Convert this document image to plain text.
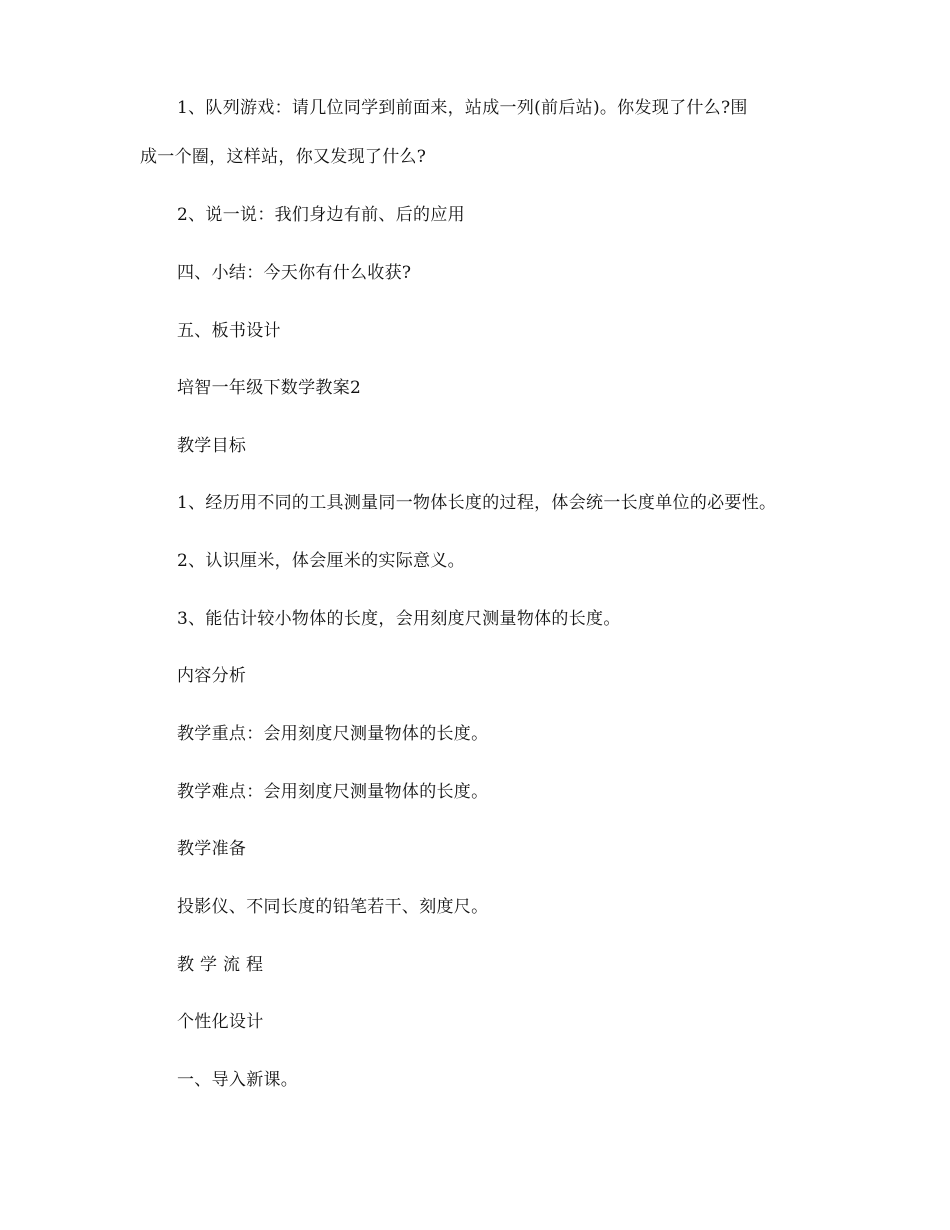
1、队列游戏：请几位同学到前面来，站成一列(前后站)。你发现了什么?围
成一个圈，这样站，你又发现了什么?
2、说一说：我们身边有前、后的应用
四、小结：今天你有什么收获?
五、板书设计
培智一年级下数学教案2
教学目标
1、经历用不同的工具测量同一物体长度的过程，体会统一长度单位的必要性。
2、认识厘米，体会厘米的实际意义。
3、能估计较小物体的长度，会用刻度尺测量物体的长度。
内容分析
教学重点：会用刻度尺测量物体的长度。
教学难点：会用刻度尺测量物体的长度。
教学准备
投影仪、不同长度的铅笔若干、刻度尺。
教 学 流 程
个性化设计
一、导入新课。
